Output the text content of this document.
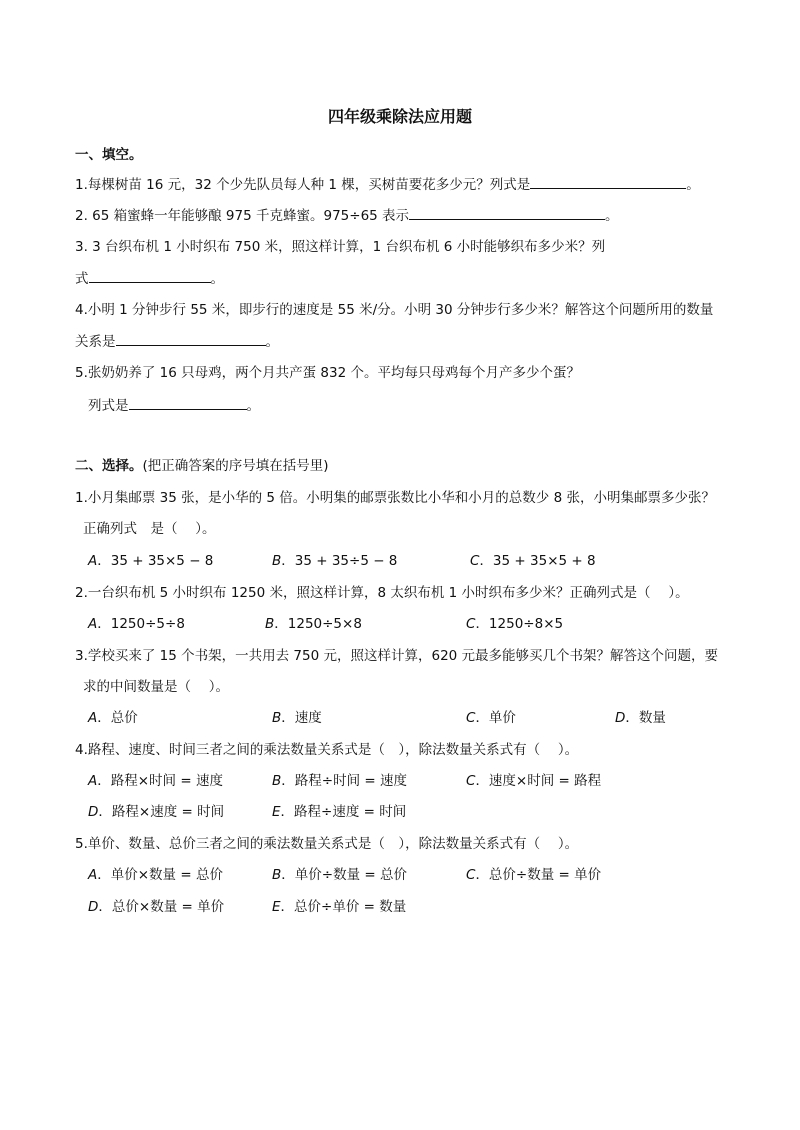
四年级乘除法应用题
一、填空。
1.每棵树苗 16 元，32 个少先队员每人种 1 棵，买树苗要花多少元？列式是	。
2. 65 箱蜜蜂一年能够酿 975 千克蜂蜜。975÷65 表示	。
3. 3 台织布机 1 小时织布 750 米，照这样计算，1 台织布机 6 小时能够织布多少米？列
式	。
4.小明 1 分钟步行 55 米，即步行的速度是 55 米/分。小明 30 分钟步行多少米？解答这个问题所用的数量
关系是	。
5.张奶奶养了 16 只母鸡，两个月共产蛋 832 个。平均每只母鸡每个月产多少个蛋？
列式是	。
二、选择。(把正确答案的序号填在括号里)
1.小月集邮票 35 张，是小华的 5 倍。小明集的邮票张数比小华和小月的总数少 8 张，小明集邮票多少张？
正确列式　是（　 ）。
A．35 + 35×5 − 8	B．35 + 35÷5 − 8	C．35 + 35×5 + 8
2.一台织布机 5 小时织布 1250 米，照这样计算，8 太织布机 1 小时织布多少米？正确列式是（　 ）。
A．1250÷5÷8	B．1250÷5×8	C．1250÷8×5
3.学校买来了 15 个书架，一共用去 750 元，照这样计算，620 元最多能够买几个书架？解答这个问题，要
求的中间数量是（　 ）。
A．总价	B．速度	C．单价	D．数量
4.路程、速度、时间三者之间的乘法数量关系式是（　），除法数量关系式有（　 ）。
A．路程×时间 = 速度	B．路程÷时间 = 速度	C．速度×时间 = 路程
D．路程×速度 = 时间	E．路程÷速度 = 时间
5.单价、数量、总价三者之间的乘法数量关系式是（　），除法数量关系式有（　 ）。
A．单价×数量 = 总价	B．单价÷数量 = 总价	C．总价÷数量 = 单价
D．总价×数量 = 单价	E．总价÷单价 = 数量
